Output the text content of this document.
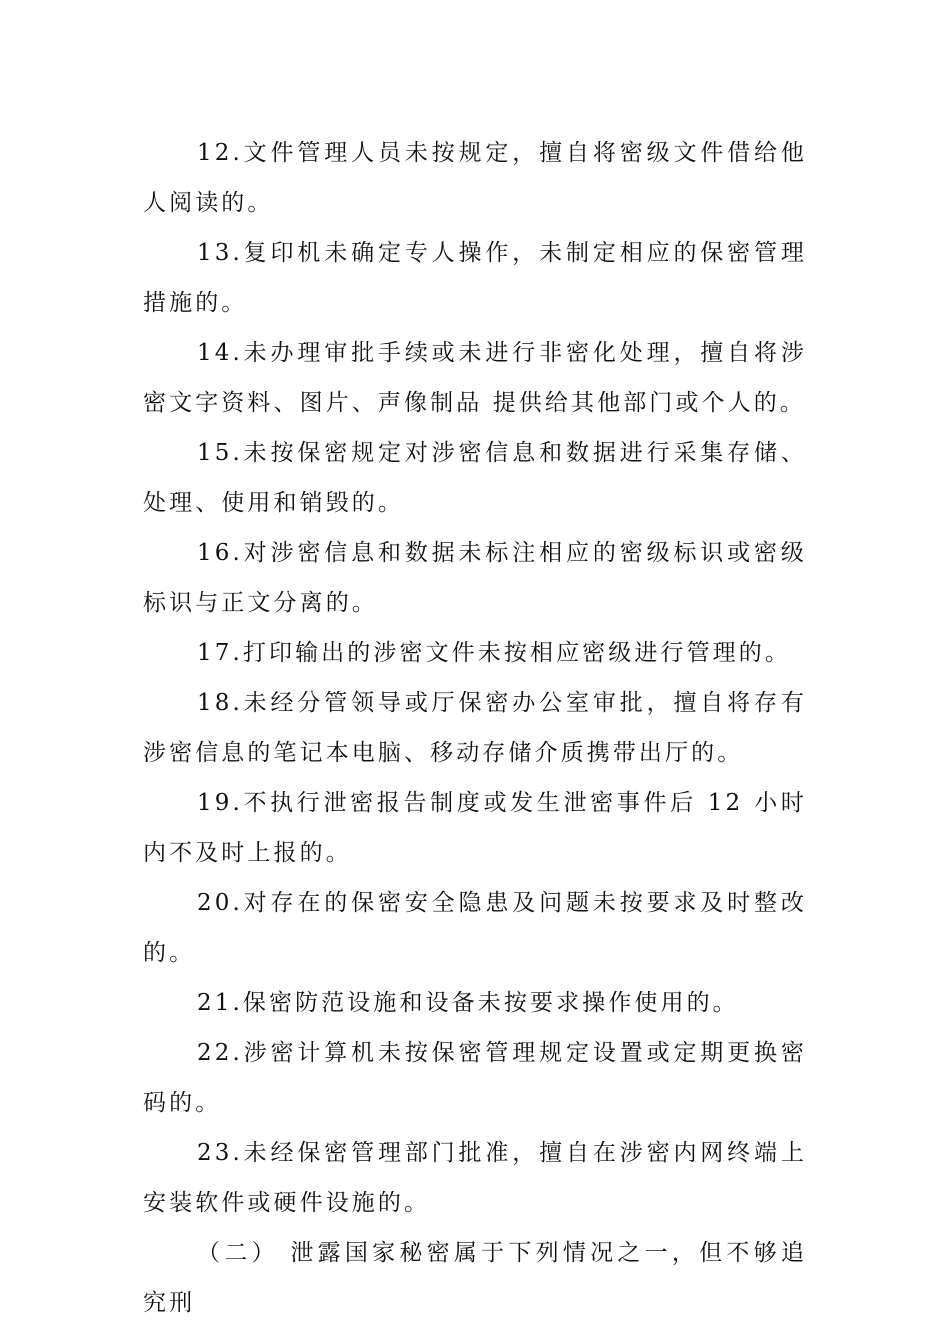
12.文件管理人员未按规定，擅自将密级文件借给他人阅读的。

13.复印机未确定专人操作，未制定相应的保密管理措施的。

14.未办理审批手续或未进行非密化处理，擅自将涉密文字资料、图片、声像制品 提供给其他部门或个人的。

15.未按保密规定对涉密信息和数据进行采集存储、处理、使用和销毁的。

16.对涉密信息和数据未标注相应的密级标识或密级标识与正文分离的。

17.打印输出的涉密文件未按相应密级进行管理的。

18.未经分管领导或厅保密办公室审批，擅自将存有涉密信息的笔记本电脑、移动存储介质携带出厅的。

19.不执行泄密报告制度或发生泄密事件后 12 小时内不及时上报的。

20.对存在的保密安全隐患及问题未按要求及时整改的。

21.保密防范设施和设备未按要求操作使用的。

22.涉密计算机未按保密管理规定设置或定期更换密码的。

23.未经保密管理部门批准，擅自在涉密内网终端上安装软件或硬件设施的。

（二） 泄露国家秘密属于下列情况之一，但不够追究刑
